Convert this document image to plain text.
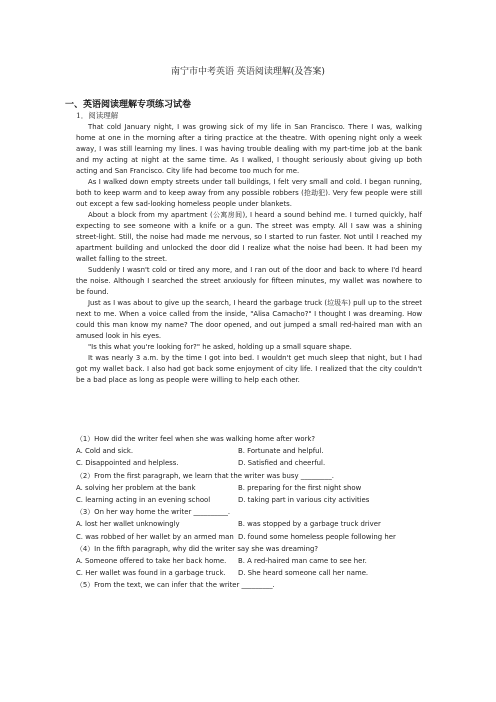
南宁市中考英语 英语阅读理解(及答案)
一、英语阅读理解专项练习试卷
1．阅读理解

That cold January night, I was growing sick of my life in San Francisco. There I was, walking home at one in the morning after a tiring practice at the theatre. With opening night only a week away, I was still learning my lines. I was having trouble dealing with my part-time job at the bank and my acting at night at the same time. As I walked, I thought seriously about giving up both acting and San Francisco. City life had become too much for me.

As I walked down empty streets under tall buildings, I felt very small and cold. I began running, both to keep warm and to keep away from any possible robbers (抢劫犯). Very few people were still out except a few sad-looking homeless people under blankets.

About a block from my apartment (公寓房间), I heard a sound behind me. I turned quickly, half expecting to see someone with a knife or a gun. The street was empty. All I saw was a shining street-light. Still, the noise had made me nervous, so I started to run faster. Not until I reached my apartment building and unlocked the door did I realize what the noise had been. It had been my wallet falling to the street.

Suddenly I wasn't cold or tired any more, and I ran out of the door and back to where I'd heard the noise. Although I searched the street anxiously for fifteen minutes, my wallet was nowhere to be found.

Just as I was about to give up the search, I heard the garbage truck (垃圾车) pull up to the street next to me. When a voice called from the inside, "Alisa Camacho?" I thought I was dreaming. How could this man know my name? The door opened, and out jumped a small red-haired man with an amused look in his eyes.

"Is this what you're looking for?" he asked, holding up a small square shape.

It was nearly 3 a.m. by the time I got into bed. I wouldn't get much sleep that night, but I had got my wallet back. I also had got back some enjoyment of city life. I realized that the city couldn't be a bad place as long as people were willing to help each other.

（1）How did the writer feel when she was walking home after work?
A. Cold and sick.	B. Fortunate and helpful.
C. Disappointed and helpless.	D. Satisfied and cheerful.
（2）From the first paragraph, we learn that the writer was busy _________.
A. solving her problem at the bank	B. preparing for the first night show
C. learning acting in an evening school	D. taking part in various city activities
（3）On her way home the writer __________.
A. lost her wallet unknowingly	B. was stopped by a garbage truck driver
C. was robbed of her wallet by an armed man D. found some homeless people following her
（4）In the fifth paragraph, why did the writer say she was dreaming?
A. Someone offered to take her back home.	B. A red-haired man came to see her.
C. Her wallet was found in a garbage truck.	D. She heard someone call her name.
（5）From the text, we can infer that the writer _________.
